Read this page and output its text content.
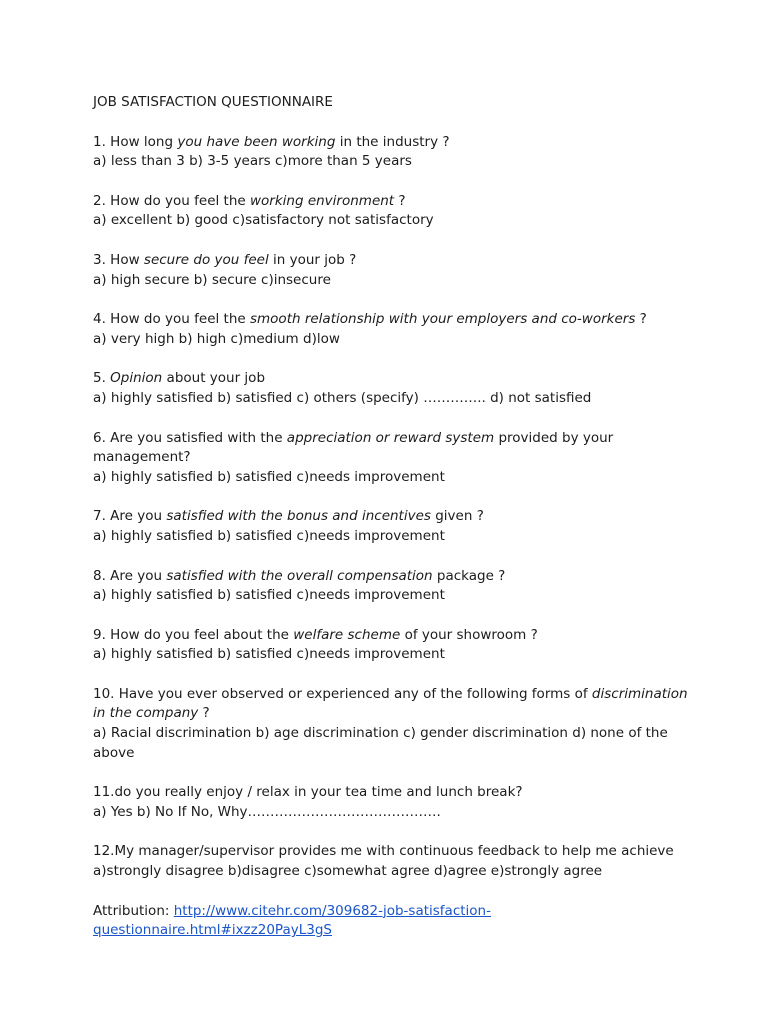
JOB SATISFACTION QUESTIONNAIRE

1. How long you have been working in the industry ?
a) less than 3 b) 3-5 years c)more than 5 years
2. How do you feel the working environment ?
a) excellent b) good c)satisfactory not satisfactory
3. How secure do you feel in your job ?
a) high secure b) secure c)insecure
4. How do you feel the smooth relationship with your employers and co-workers ?
a) very high b) high c)medium d)low
5. Opinion about your job
a) highly satisfied b) satisfied c) others (specify) ………….. d) not satisfied
6. Are you satisfied with the appreciation or reward system provided by your management?
a) highly satisfied b) satisfied c)needs improvement
7. Are you satisfied with the bonus and incentives given ?
a) highly satisfied b) satisfied c)needs improvement
8. Are you satisfied with the overall compensation package ?
a) highly satisfied b) satisfied c)needs improvement
9. How do you feel about the welfare scheme of your showroom ?
a) highly satisfied b) satisfied c)needs improvement
10. Have you ever observed or experienced any of the following forms of discrimination in the company ?
a) Racial discrimination b) age discrimination c) gender discrimination d) none of the above
11.do you really enjoy / relax in your tea time and lunch break?
a) Yes b) No If No, Why…………………………………….
12.My manager/supervisor provides me with continuous feedback to help me achieve
a)strongly disagree b)disagree c)somewhat agree d)agree e)strongly agree

Attribution: http://www.citehr.com/309682-job-satisfaction-questionnaire.html#ixzz20PayL3gS
